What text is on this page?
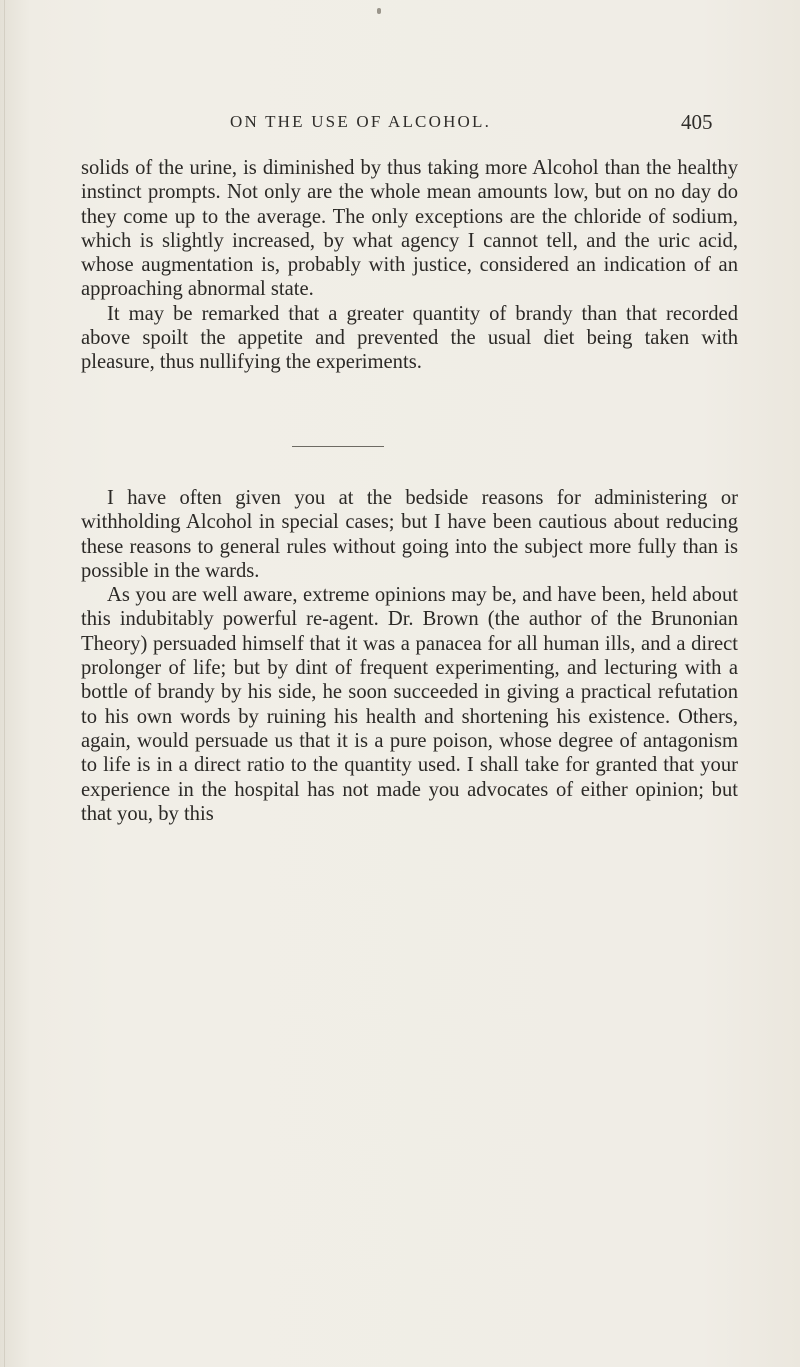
ON THE USE OF ALCOHOL.	405

solids of the urine, is diminished by thus taking more Alcohol than the healthy instinct prompts. Not only are the whole mean amounts low, but on no day do they come up to the average. The only exceptions are the chloride of sodium, which is slightly increased, by what agency I cannot tell, and the uric acid, whose augmentation is, probably with justice, considered an indication of an approaching abnormal state.

It may be remarked that a greater quantity of brandy than that recorded above spoilt the appetite and prevented the usual diet being taken with pleasure, thus nullifying the experiments.

I have often given you at the bedside reasons for administering or withholding Alcohol in special cases; but I have been cautious about reducing these reasons to general rules without going into the subject more fully than is possible in the wards.

As you are well aware, extreme opinions may be, and have been, held about this indubitably powerful re-agent. Dr. Brown (the author of the Brunonian Theory) persuaded himself that it was a panacea for all human ills, and a direct prolonger of life; but by dint of frequent experimenting, and lecturing with a bottle of brandy by his side, he soon succeeded in giving a practical refutation to his own words by ruining his health and shortening his existence. Others, again, would persuade us that it is a pure poison, whose degree of antagonism to life is in a direct ratio to the quantity used. I shall take for granted that your experience in the hospital has not made you advocates of either opinion; but that you, by this
